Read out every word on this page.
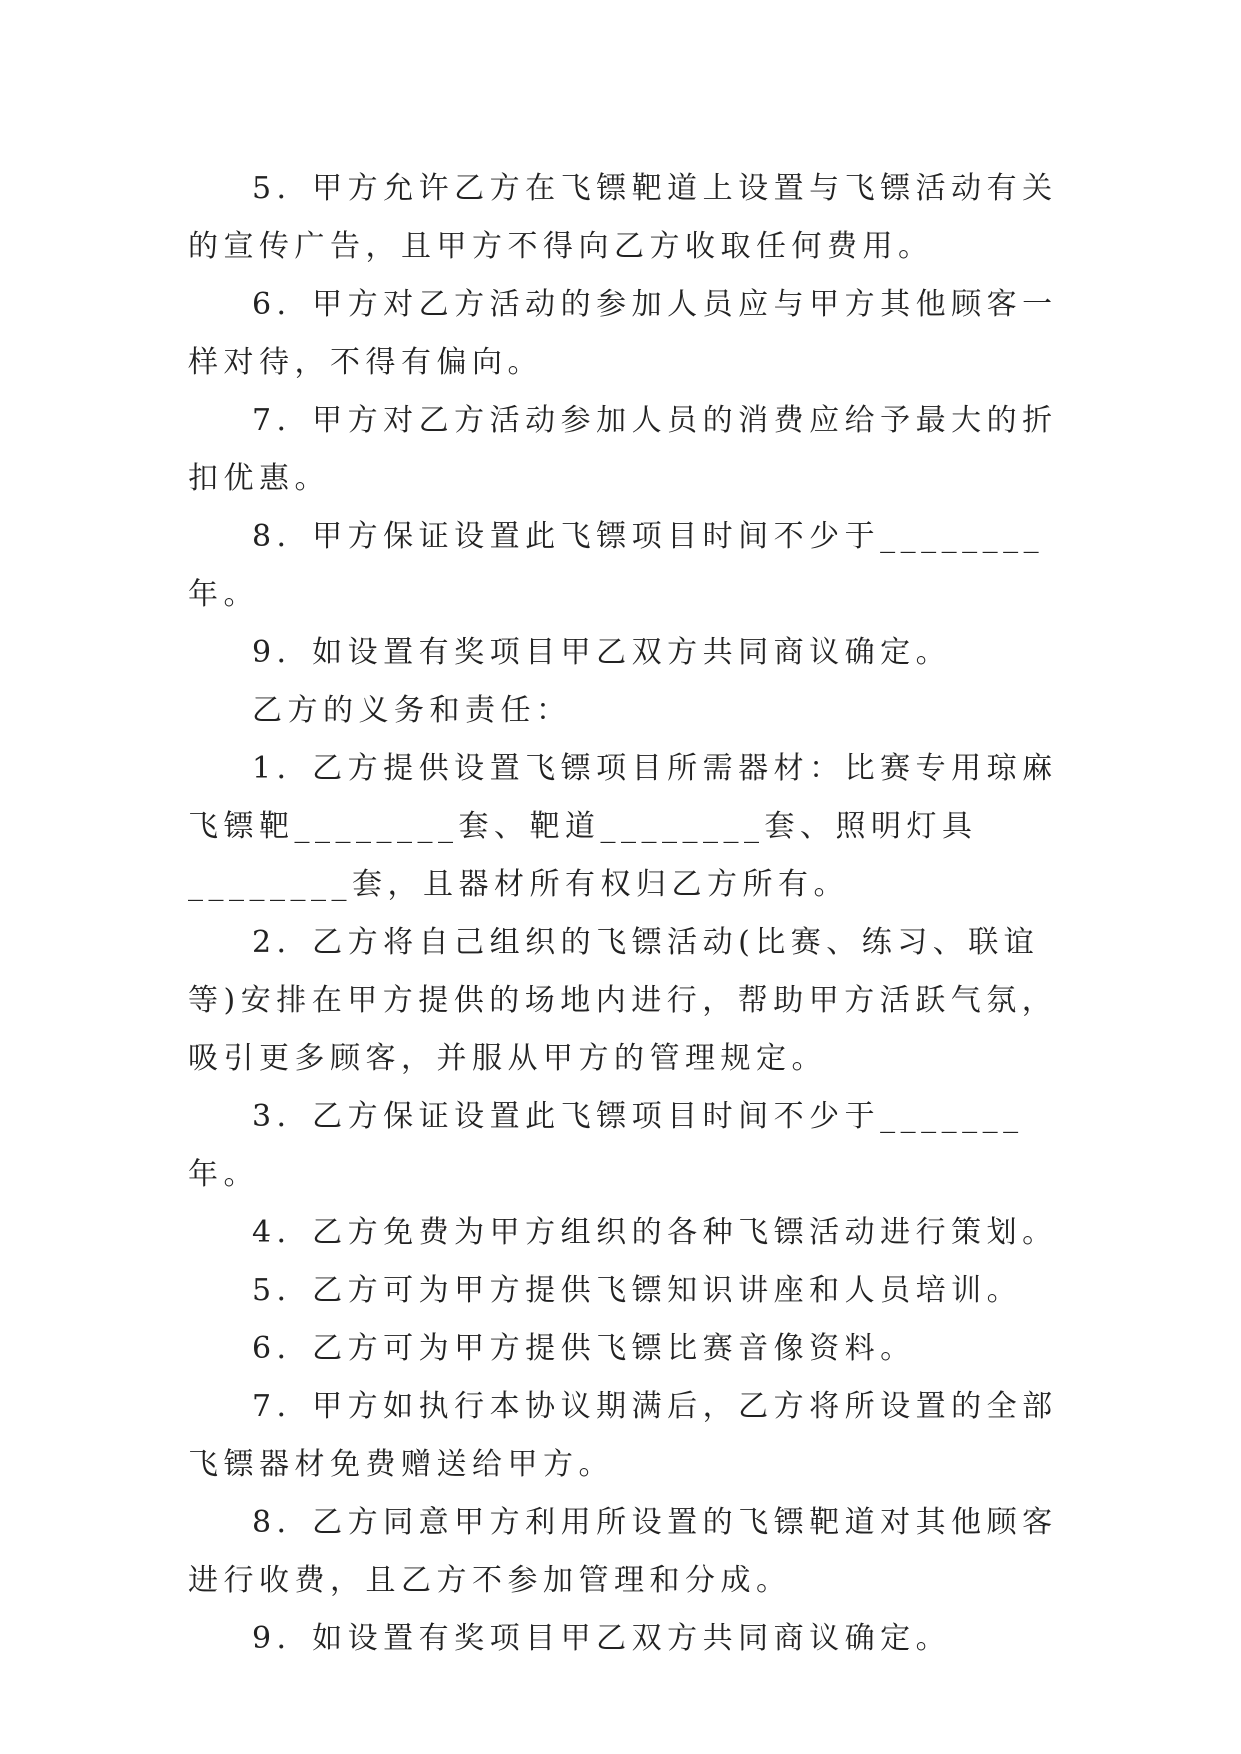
5．甲方允许乙方在飞镖靶道上设置与飞镖活动有关的宣传广告，且甲方不得向乙方收取任何费用。

6．甲方对乙方活动的参加人员应与甲方其他顾客一样对待，不得有偏向。

7．甲方对乙方活动参加人员的消费应给予最大的折扣优惠。

8．甲方保证设置此飞镖项目时间不少于________年。

9．如设置有奖项目甲乙双方共同商议确定。

乙方的义务和责任：

1．乙方提供设置飞镖项目所需器材：比赛专用琼麻飞镖靶________套、靶道________套、照明灯具________套，且器材所有权归乙方所有。

2．乙方将自己组织的飞镖活动(比赛、练习、联谊等)安排在甲方提供的场地内进行，帮助甲方活跃气氛，吸引更多顾客，并服从甲方的管理规定。

3．乙方保证设置此飞镖项目时间不少于_______年。

4．乙方免费为甲方组织的各种飞镖活动进行策划。

5．乙方可为甲方提供飞镖知识讲座和人员培训。

6．乙方可为甲方提供飞镖比赛音像资料。

7．甲方如执行本协议期满后，乙方将所设置的全部飞镖器材免费赠送给甲方。

8．乙方同意甲方利用所设置的飞镖靶道对其他顾客进行收费，且乙方不参加管理和分成。

9．如设置有奖项目甲乙双方共同商议确定。
